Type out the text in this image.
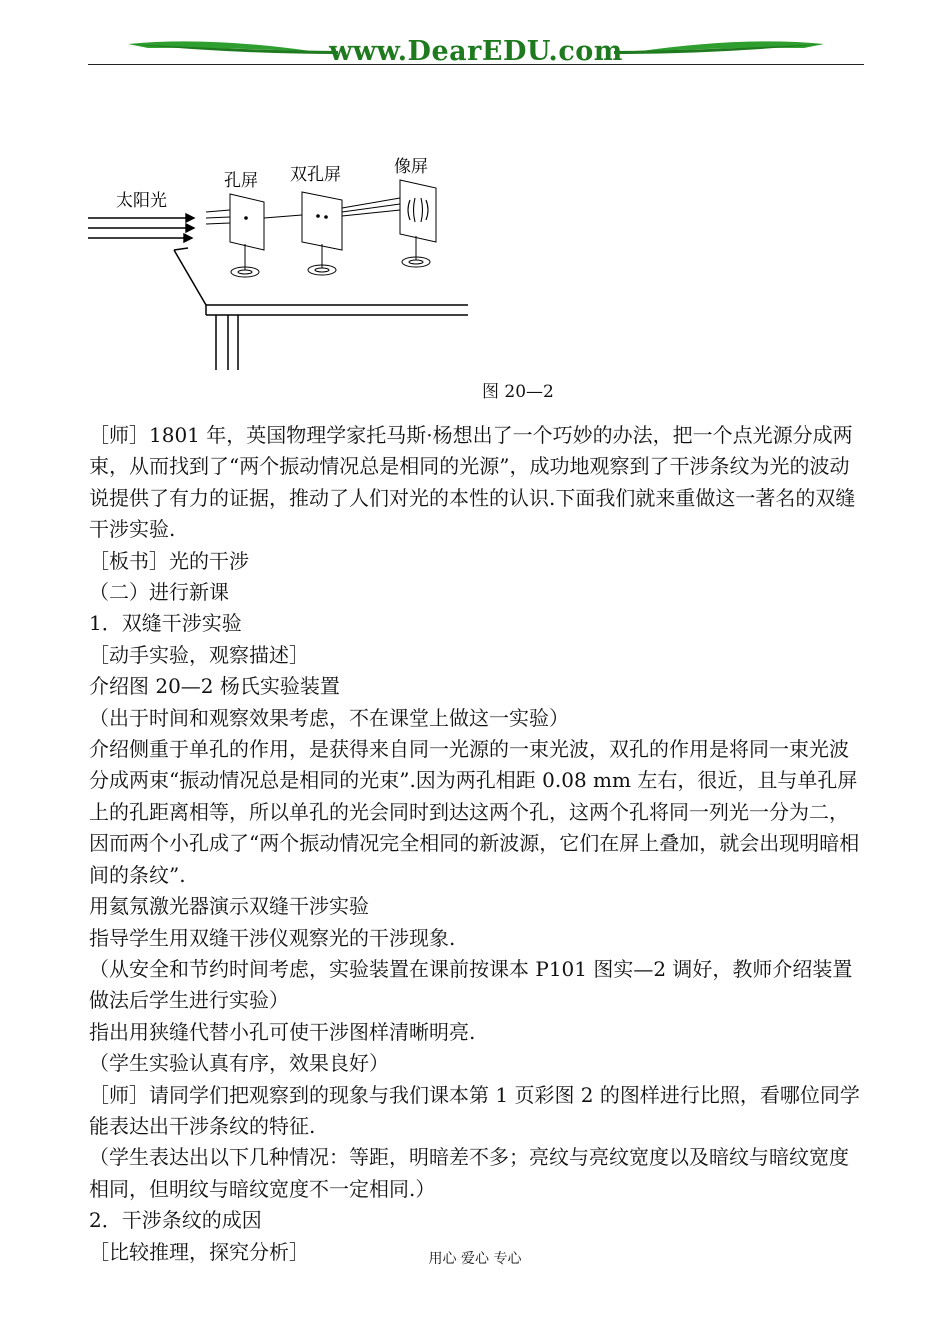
www.DearEDU.com
太阳光
孔屏 双孔屏	像屏
图 20—2

［师］1801 年，英国物理学家托马斯·杨想出了一个巧妙的办法，把一个点光源分成两束，从而找到了“两个振动情况总是相同的光源”，成功地观察到了干涉条纹为光的波动说提供了有力的证据，推动了人们对光的本性的认识.下面我们就来重做这一著名的双缝干涉实验.

［板书］光的干涉

（二）进行新课

1．双缝干涉实验

［动手实验，观察描述］

介绍图 20—2 杨氏实验装置

（出于时间和观察效果考虑，不在课堂上做这一实验）

介绍侧重于单孔的作用，是获得来自同一光源的一束光波，双孔的作用是将同一束光波分成两束“振动情况总是相同的光束”.因为两孔相距 0.08 mm 左右，很近，且与单孔屏上的孔距离相等，所以单孔的光会同时到达这两个孔，这两个孔将同一列光一分为二，因而两个小孔成了“两个振动情况完全相同的新波源，它们在屏上叠加，就会出现明暗相间的条纹”.

用氦氖激光器演示双缝干涉实验

指导学生用双缝干涉仪观察光的干涉现象.

（从安全和节约时间考虑，实验装置在课前按课本 P101 图实—2 调好，教师介绍装置做法后学生进行实验）

指出用狭缝代替小孔可使干涉图样清晰明亮.

（学生实验认真有序，效果良好）

［师］请同学们把观察到的现象与我们课本第 1 页彩图 2 的图样进行比照，看哪位同学能表达出干涉条纹的特征.

（学生表达出以下几种情况：等距，明暗差不多；亮纹与亮纹宽度以及暗纹与暗纹宽度相同，但明纹与暗纹宽度不一定相同.）

2．干涉条纹的成因

［比较推理，探究分析］	用心 爱心 专心
